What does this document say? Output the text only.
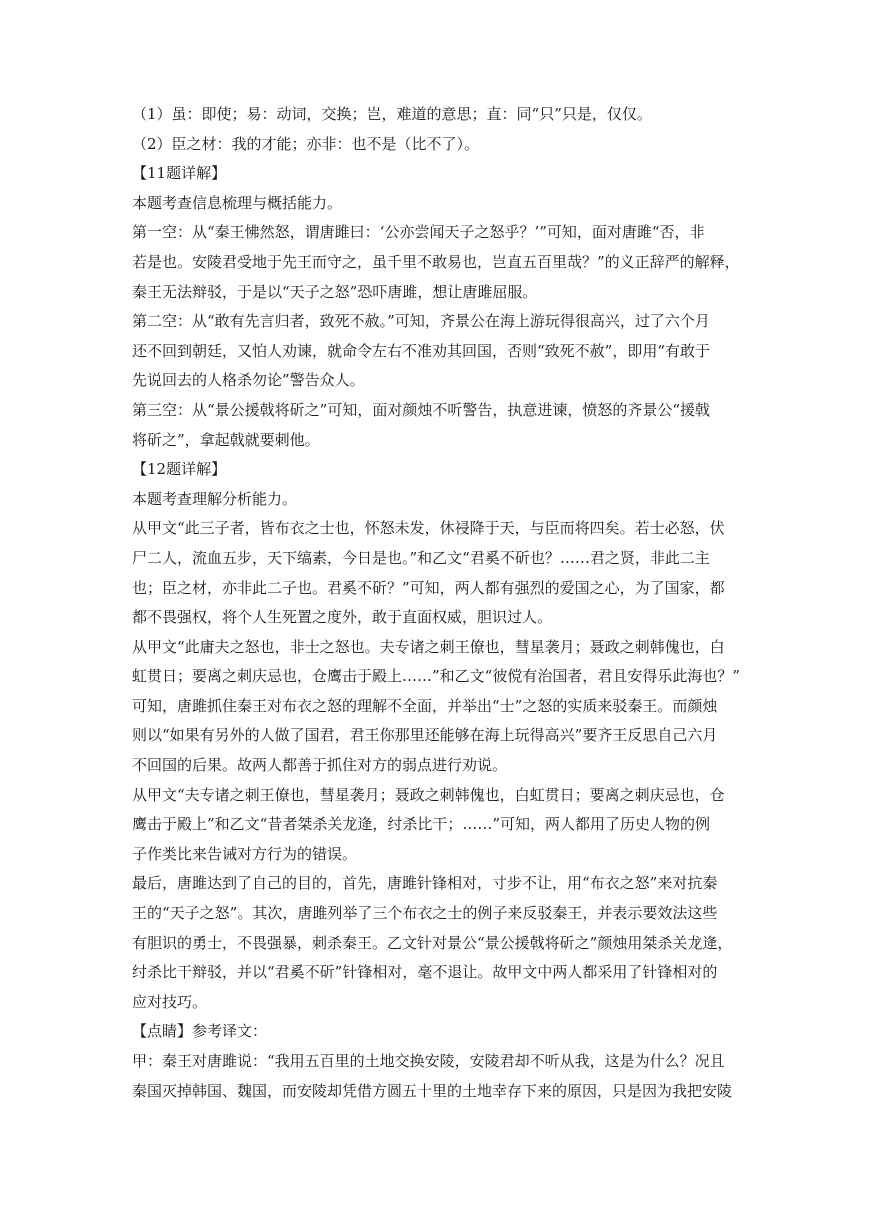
（1）虽：即使；易：动词，交换；岂，难道的意思；直：同“只”只是，仅仅。

（2）臣之材：我的才能；亦非：也不是（比不了）。

【11题详解】

本题考查信息梳理与概括能力。

第一空：从“秦王怫然怒，谓唐雎曰：‘公亦尝闻天子之怒乎？’”可知，面对唐雎“否，非

若是也。安陵君受地于先王而守之，虽千里不敢易也，岂直五百里哉？”的义正辞严的解释，

秦王无法辩驳，于是以“天子之怒”恐吓唐雎，想让唐雎屈服。

第二空：从“敢有先言归者，致死不赦。”可知，齐景公在海上游玩得很高兴，过了六个月

还不回到朝廷，又怕人劝谏，就命令左右不准劝其回国，否则“致死不赦”，即用“有敢于

先说回去的人格杀勿论”警告众人。

第三空：从“景公援戟将斫之”可知，面对颜烛不听警告，执意进谏，愤怒的齐景公“援戟

将斫之”，拿起戟就要刺他。

【12题详解】

本题考查理解分析能力。

从甲文“此三子者，皆布衣之士也，怀怒未发，休祲降于天，与臣而将四矣。若士必怒，伏

尸二人，流血五步，天下缟素，今日是也。”和乙文“君奚不斫也？……君之贤，非此二主

也；臣之材，亦非此二子也。君奚不斫？”可知，两人都有强烈的爱国之心，为了国家，都

都不畏强权，将个人生死置之度外，敢于直面权威，胆识过人。

从甲文“此庸夫之怒也，非士之怒也。夫专诸之刺王僚也，彗星袭月；聂政之刺韩傀也，白

虹贯日；要离之刺庆忌也，仓鹰击于殿上……”和乙文“彼傥有治国者，君且安得乐此海也？”

可知，唐雎抓住秦王对布衣之怒的理解不全面，并举出“士”之怒的实质来驳秦王。而颜烛

则以“如果有另外的人做了国君，君王你那里还能够在海上玩得高兴”要齐王反思自己六月

不回国的后果。故两人都善于抓住对方的弱点进行劝说。

从甲文“夫专诸之刺王僚也，彗星袭月；聂政之刺韩傀也，白虹贯日；要离之刺庆忌也，仓

鹰击于殿上”和乙文“昔者桀杀关龙逄，纣杀比干；……”可知，两人都用了历史人物的例

子作类比来告诫对方行为的错误。

最后，唐雎达到了自己的目的，首先，唐雎针锋相对，寸步不让，用“布衣之怒”来对抗秦

王的“天子之怒”。其次，唐雎列举了三个布衣之士的例子来反驳秦王，并表示要效法这些

有胆识的勇士，不畏强暴，刺杀秦王。乙文针对景公“景公援戟将斫之”颜烛用桀杀关龙逄，

纣杀比干辩驳，并以“君奚不斫”针锋相对，毫不退让。故甲文中两人都采用了针锋相对的

应对技巧。

【点睛】参考译文：

甲：秦王对唐雎说：“我用五百里的土地交换安陵，安陵君却不听从我，这是为什么？况且

秦国灭掉韩国、魏国，而安陵却凭借方圆五十里的土地幸存下来的原因，只是因为我把安陵
